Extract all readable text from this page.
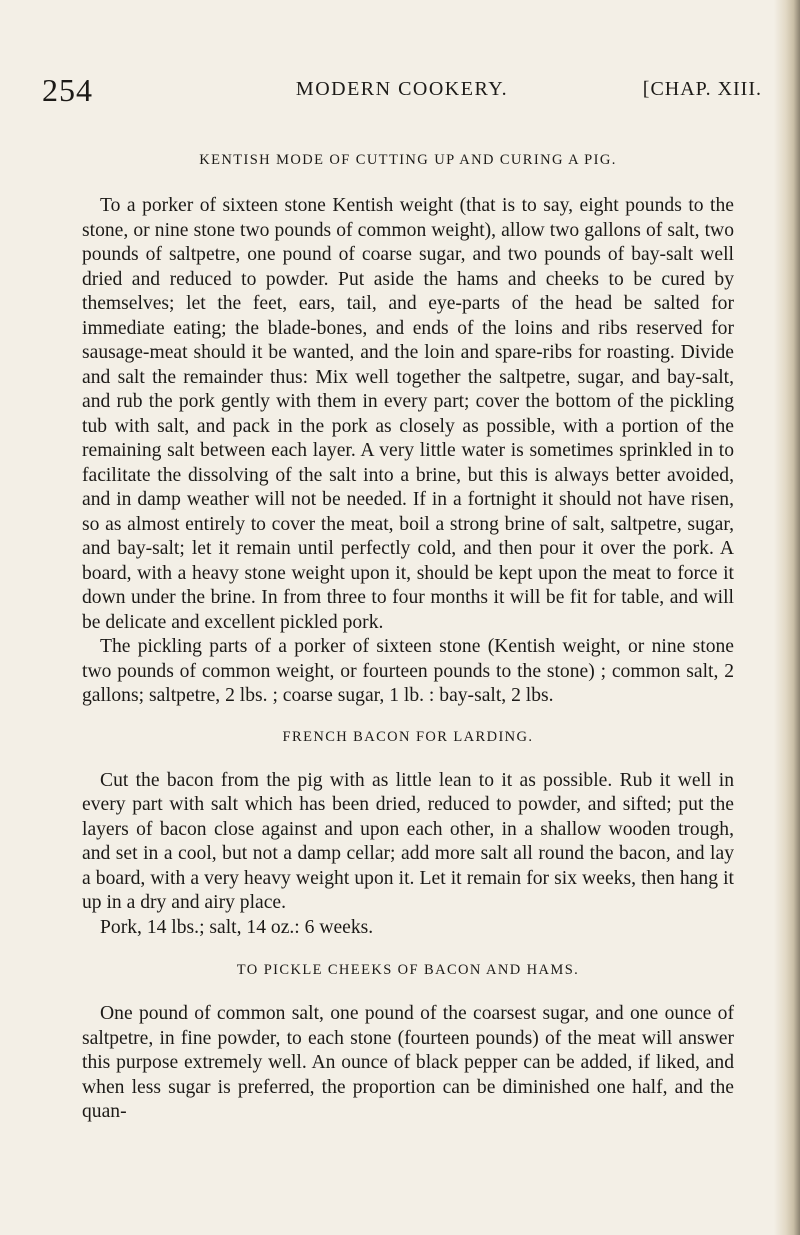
254	MODERN COOKERY.	[CHAP. XIII.
KENTISH MODE OF CUTTING UP AND CURING A PIG.

To a porker of sixteen stone Kentish weight (that is to say, eight pounds to the stone, or nine stone two pounds of common weight), allow two gallons of salt, two pounds of saltpetre, one pound of coarse sugar, and two pounds of bay-salt well dried and reduced to powder. Put aside the hams and cheeks to be cured by themselves; let the feet, ears, tail, and eye-parts of the head be salted for immediate eating; the blade-bones, and ends of the loins and ribs reserved for sausage-meat should it be wanted, and the loin and spare-ribs for roasting. Divide and salt the remainder thus: Mix well together the saltpetre, sugar, and bay-salt, and rub the pork gently with them in every part; cover the bottom of the pickling tub with salt, and pack in the pork as closely as possible, with a portion of the remaining salt between each layer. A very little water is sometimes sprinkled in to facilitate the dissolving of the salt into a brine, but this is always better avoided, and in damp weather will not be needed. If in a fortnight it should not have risen, so as almost entirely to cover the meat, boil a strong brine of salt, saltpetre, sugar, and bay-salt; let it remain until perfectly cold, and then pour it over the pork. A board, with a heavy stone weight upon it, should be kept upon the meat to force it down under the brine. In from three to four months it will be fit for table, and will be delicate and excellent pickled pork.

The pickling parts of a porker of sixteen stone (Kentish weight, or nine stone two pounds of common weight, or fourteen pounds to the stone) ; common salt, 2 gallons; saltpetre, 2 lbs. ; coarse sugar, 1 lb. : bay-salt, 2 lbs.

FRENCH BACON FOR LARDING.

Cut the bacon from the pig with as little lean to it as possible. Rub it well in every part with salt which has been dried, reduced to powder, and sifted; put the layers of bacon close against and upon each other, in a shallow wooden trough, and set in a cool, but not a damp cellar; add more salt all round the bacon, and lay a board, with a very heavy weight upon it. Let it remain for six weeks, then hang it up in a dry and airy place.

Pork, 14 lbs.; salt, 14 oz.: 6 weeks.

TO PICKLE CHEEKS OF BACON AND HAMS.

One pound of common salt, one pound of the coarsest sugar, and one ounce of saltpetre, in fine powder, to each stone (fourteen pounds) of the meat will answer this purpose extremely well. An ounce of black pepper can be added, if liked, and when less sugar is preferred, the proportion can be diminished one half, and the quan-
